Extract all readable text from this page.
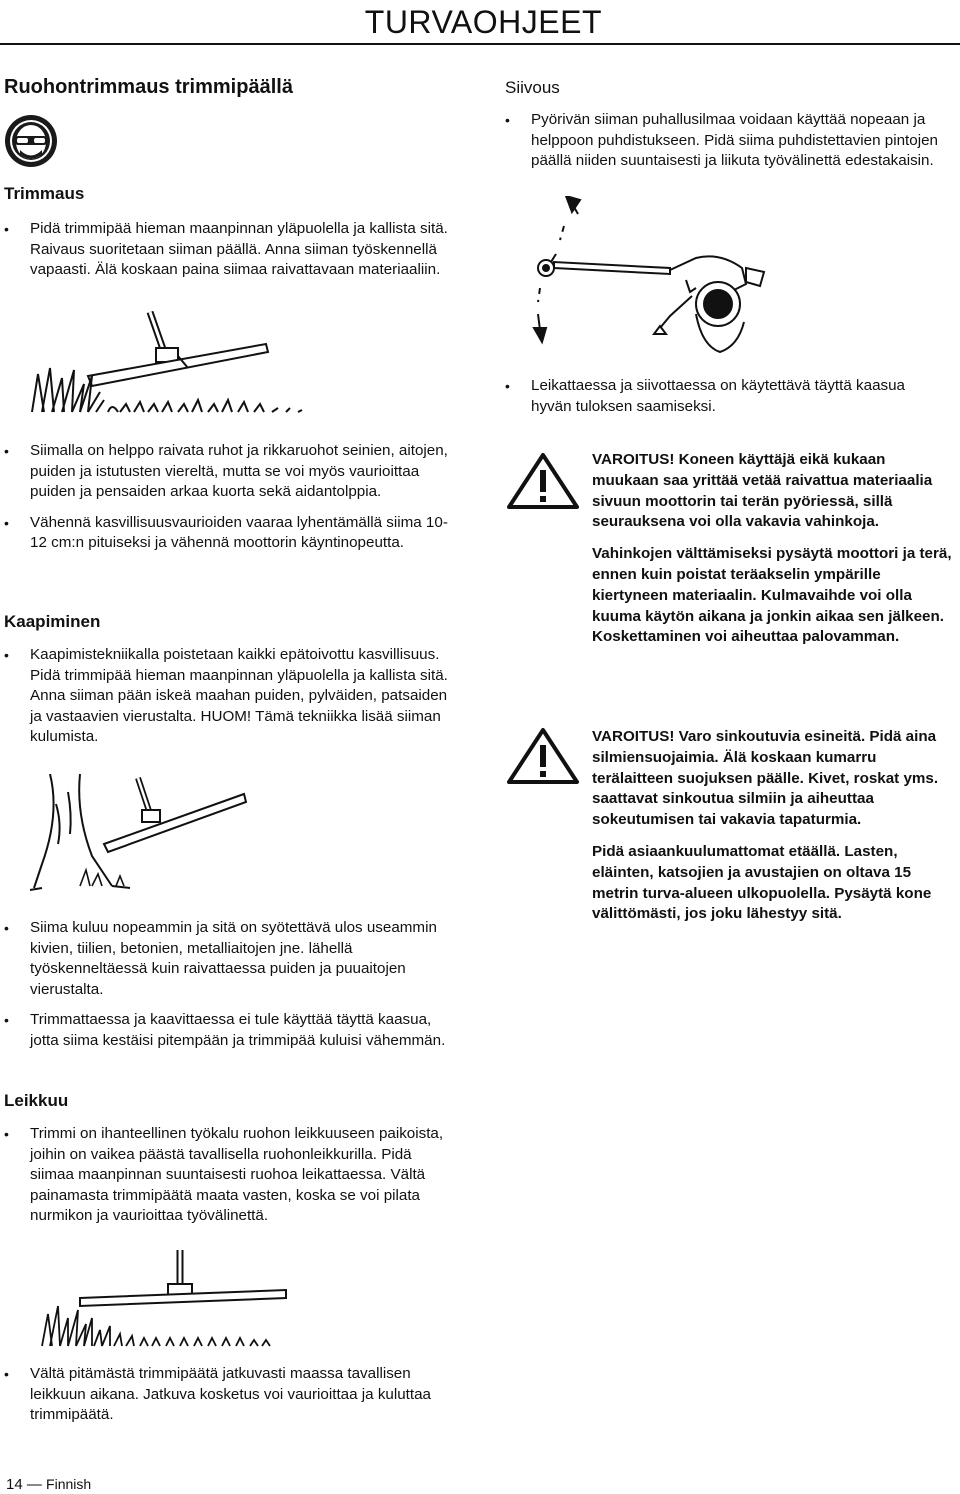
TURVAOHJEET
Ruohontrimmaus trimmipäällä
Trimmaus
• Pidä trimmipää hieman maanpinnan yläpuolella ja kallista sitä. Raivaus suoritetaan siiman päällä. Anna siiman työskennellä vapaasti. Älä koskaan paina siimaa raivattavaan materiaaliin.
• Siimalla on helppo raivata ruhot ja rikkaruohot seinien, aitojen, puiden ja istutusten viereltä, mutta se voi myös vaurioittaa puiden ja pensaiden arkaa kuorta sekä aidantolppia.
• Vähennä kasvillisuusvaurioiden vaaraa lyhentämällä siima 10-12 cm:n pituiseksi ja vähennä moottorin käyntinopeutta.
Kaapiminen
• Kaapimistekniikalla poistetaan kaikki epätoivottu kasvillisuus. Pidä trimmipää hieman maanpinnan yläpuolella ja kallista sitä. Anna siiman pään iskeä maahan puiden, pylväiden, patsaiden ja vastaavien vierustalta. HUOM! Tämä tekniikka lisää siiman kulumista.
• Siima kuluu nopeammin ja sitä on syötettävä ulos useammin kivien, tiilien, betonien, metalliaitojen jne. lähellä työskenneltäessä kuin raivattaessa puiden ja puuaitojen vierustalta.
• Trimmattaessa ja kaavittaessa ei tule käyttää täyttä kaasua, jotta siima kestäisi pitempään ja trimmipää kuluisi vähemmän.
Leikkuu
• Trimmi on ihanteellinen työkalu ruohon leikkuuseen paikoista, joihin on vaikea päästä tavallisella ruohonleikkurilla. Pidä siimaa maanpinnan suuntaisesti ruohoa leikattaessa. Vältä painamasta trimmipäätä maata vasten, koska se voi pilata nurmikon ja vaurioittaa työvälinettä.
• Vältä pitämästä trimmipäätä jatkuvasti maassa tavallisen leikkuun aikana. Jatkuva kosketus voi vaurioittaa ja kuluttaa trimmipäätä.
Siivous
• Pyörivän siiman puhallusilmaa voidaan käyttää nopeaan ja helppoon puhdistukseen. Pidä siima puhdistettavien pintojen päällä niiden suuntaisesti ja liikuta työvälinettä edestakaisin.
• Leikattaessa ja siivottaessa on käytettävä täyttä kaasua hyvän tuloksen saamiseksi.

VAROITUS! Koneen käyttäjä eikä kukaan muukaan saa yrittää vetää raivattua materiaalia sivuun moottorin tai terän pyöriessä, sillä seurauksena voi olla vakavia vahinkoja.

Vahinkojen välttämiseksi pysäytä moottori ja terä, ennen kuin poistat teräakselin ympärille kiertyneen materiaalin. Kulmavaihde voi olla kuuma käytön aikana ja jonkin aikaa sen jälkeen. Koskettaminen voi aiheuttaa palovamman.

VAROITUS! Varo sinkoutuvia esineitä. Pidä aina silmiensuojaimia. Älä koskaan kumarru terälaitteen suojuksen päälle. Kivet, roskat yms. saattavat sinkoutua silmiin ja aiheuttaa sokeutumisen tai vakavia tapaturmia.

Pidä asiaankuulumattomat etäällä. Lasten, eläinten, katsojien ja avustajien on oltava 15 metrin turva-alueen ulkopuolella. Pysäytä kone välittömästi, jos joku lähestyy sitä.

14 — Finnish
